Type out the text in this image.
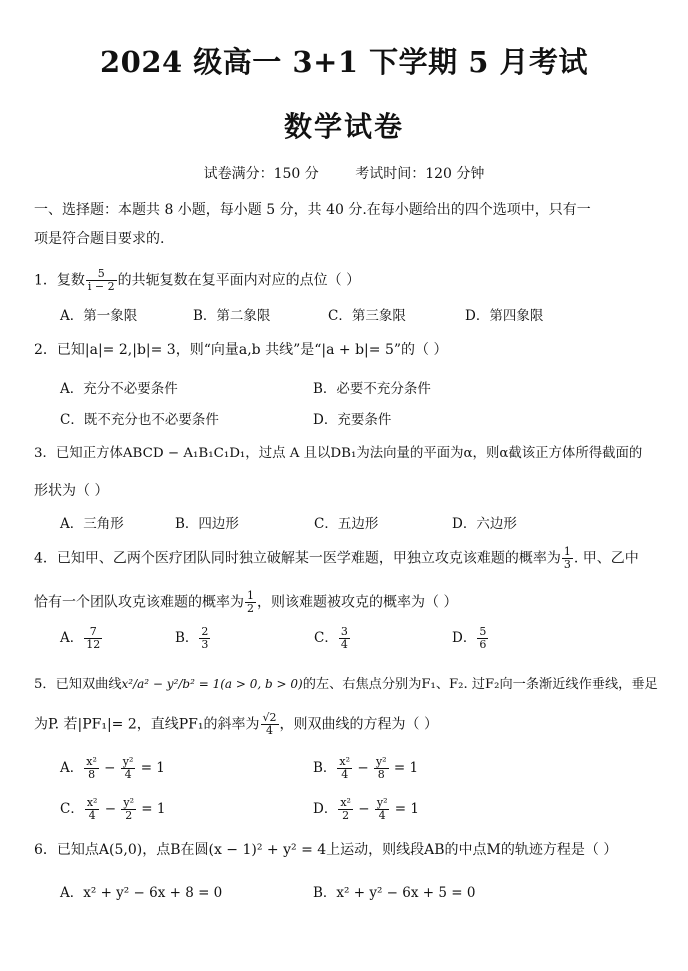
2024 级高一 3+1 下学期 5 月考试
数学试卷
试卷满分：150 分	考试时间：120 分钟
一、选择题：本题共 8 小题，每小题 5 分，共 40 分.在每小题给出的四个选项中，只有一
项是符合题目要求的.
1．复数 $\frac{5}{i - 2}$ 的共轭复数在复平面内对应的点位（ ）
A．第一象限	B．第二象限	C．第三象限	D．第四象限
2．已知|a|= 2,|b|= 3，则“向量a,b 共线”是“|a + b|= 5”的（ ）
A．充分不必要条件	B．必要不充分条件
C．既不充分也不必要条件	D．充要条件
3．已知正方体ABCD − A₁B₁C₁D₁，过点 A 且以DB₁为法向量的平面为α，则α截该正方体所得截面的
形状为（ ）
A．三角形	B．四边形	C．五边形	D．六边形
4．已知甲、乙两个医疗团队同时独立破解某一医学难题，甲独立攻克该难题的概率为 $\frac{1}{3}$ . 甲、乙中
恰有一个团队攻克该难题的概率为 $\frac{1}{2}$ ，则该难题被攻克的概率为（ ）
A． $\frac{7}{12}$	B． $\frac{2}{3}$	C． $\frac{3}{4}$	D． $\frac{5}{6}$
5．已知双曲线x²/a² − y²/b² = 1(a > 0, b > 0)的左、右焦点分别为F₁、F₂. 过F₂向一条渐近线作垂线，垂足
为P. 若|PF₁|= 2，直线PF₁的斜率为 $\frac{√2}{4}$ ，则双曲线的方程为（ ）
A． $\frac{\text{x²}}{8} - \frac{\text{y²}}{4} = 1$	B． $\frac{\text{x²}}{4} - \frac{\text{y²}}{8} = 1$
C． $\frac{\text{x²}}{4} - \frac{\text{y²}}{2} = 1$	D． $\frac{\text{x²}}{2} - \frac{\text{y²}}{4} = 1$
6．已知点A(5,0)，点B在圆(x − 1)² + y² = 4上运动，则线段AB的中点M的轨迹方程是（ ）
A．x² + y² − 6x + 8 = 0	B．x² + y² − 6x + 5 = 0
